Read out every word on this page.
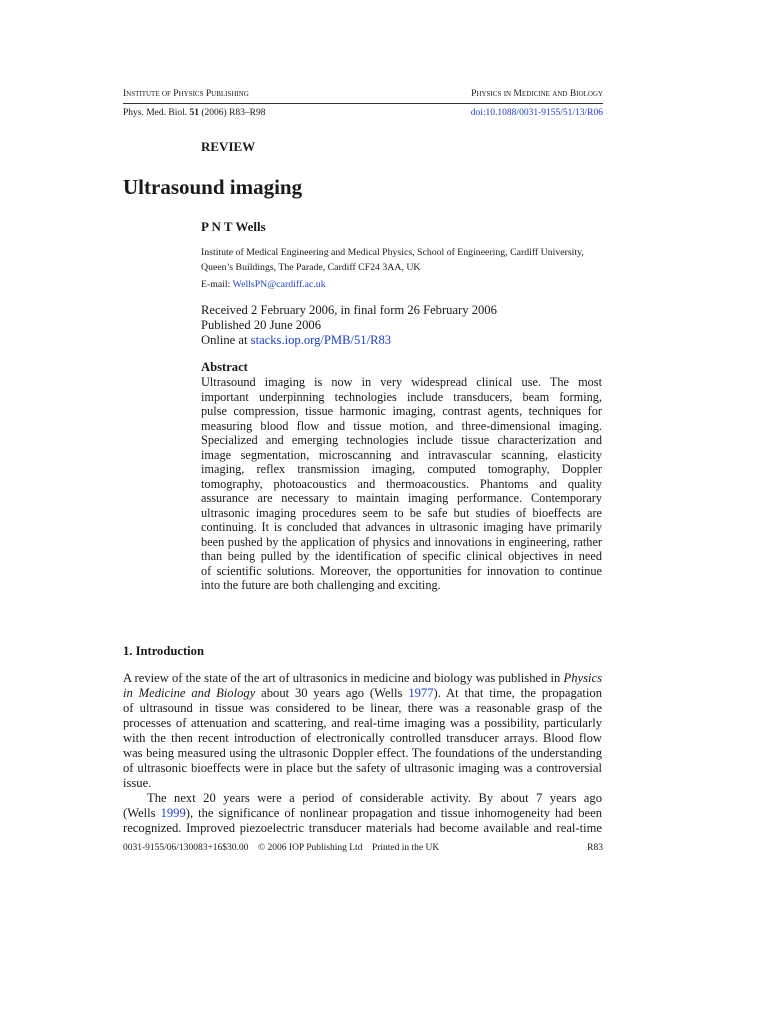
Institute of Physics Publishing	Physics in Medicine and Biology
Phys. Med. Biol. 51 (2006) R83–R98	doi:10.1088/0031-9155/51/13/R06
REVIEW
Ultrasound imaging
P N T Wells
Institute of Medical Engineering and Medical Physics, School of Engineering, Cardiff University,
Queen’s Buildings, The Parade, Cardiff CF24 3AA, UK
E-mail: WellsPN@cardiff.ac.uk
Received 2 February 2006, in final form 26 February 2006
Published 20 June 2006
Online at stacks.iop.org/PMB/51/R83
Abstract
Ultrasound imaging is now in very widespread clinical use. The most
important underpinning technologies include transducers, beam forming,
pulse compression, tissue harmonic imaging, contrast agents, techniques for
measuring blood flow and tissue motion, and three-dimensional imaging.
Specialized and emerging technologies include tissue characterization and
image segmentation, microscanning and intravascular scanning, elasticity
imaging, reflex transmission imaging, computed tomography, Doppler
tomography, photoacoustics and thermoacoustics. Phantoms and quality
assurance are necessary to maintain imaging performance. Contemporary
ultrasonic imaging procedures seem to be safe but studies of bioeffects are
continuing. It is concluded that advances in ultrasonic imaging have primarily
been pushed by the application of physics and innovations in engineering, rather
than being pulled by the identification of specific clinical objectives in need
of scientific solutions. Moreover, the opportunities for innovation to continue
into the future are both challenging and exciting.
1. Introduction
A review of the state of the art of ultrasonics in medicine and biology was published in Physics
in Medicine and Biology about 30 years ago (Wells 1977). At that time, the propagation
of ultrasound in tissue was considered to be linear, there was a reasonable grasp of the
processes of attenuation and scattering, and real-time imaging was a possibility, particularly
with the then recent introduction of electronically controlled transducer arrays. Blood flow
was being measured using the ultrasonic Doppler effect. The foundations of the understanding
of ultrasonic bioeffects were in place but the safety of ultrasonic imaging was a controversial
issue.
The next 20 years were a period of considerable activity. By about 7 years ago
(Wells 1999), the significance of nonlinear propagation and tissue inhomogeneity had been
recognized. Improved piezoelectric transducer materials had become available and real-time
0031-9155/06/130083+16$30.00 © 2006 IOP Publishing Ltd Printed in the UK	R83
